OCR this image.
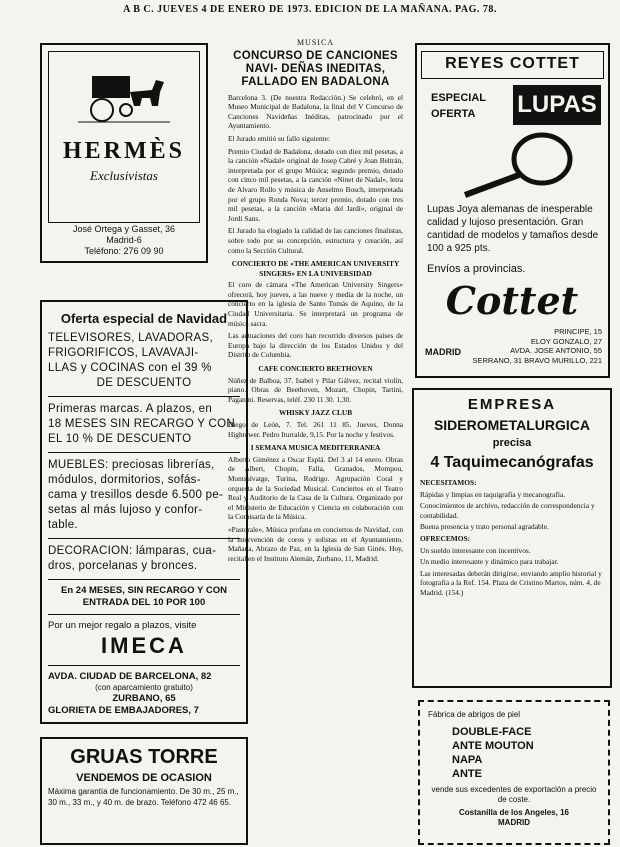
A B C. JUEVES 4 DE ENERO DE 1973. EDICION DE LA MAÑANA. PAG. 78.
HERMÈS
Exclusivistas
José Ortega y Gasset, 36
Madrid-6
Teléfono: 276 09 90

Oferta especial de Navidad

TELEVISORES, LAVADORAS,

FRIGORIFICOS, LAVAVAJI-

LLAS y COCINAS con el 39 %

DE DESCUENTO

Primeras marcas. A plazos, en

18 MESES SIN RECARGO Y CON

EL 10 % DE DESCUENTO

MUEBLES: preciosas librerías,

módulos, dormitorios, sofás-

cama y tresillos desde 6.500 pe-

setas al más lujoso y confor-

table.

DECORACION: lámparas, cua-

dros, porcelanas y bronces.

En 24 MESES, SIN RECARGO Y CON

ENTRADA DEL 10 POR 100

Por un mejor regalo a plazos, visite

IMECA

AVDA. CIUDAD DE BARCELONA, 82

(con aparcamiento gratuito)

ZURBANO, 65

GLORIETA DE EMBAJADORES, 7

GRUAS TORRE

VENDEMOS DE OCASION

Máxima garantía de funcionamiento. De 30 m., 25 m., 30 m., 33 m., y 40 m. de brazo. Teléfono 472 46 65.

MUSICA
CONCURSO DE CANCIONES NAVI- DEÑAS INEDITAS, FALLADO EN BADALONA

Barcelona 3. (De nuestra Redacción.) Se celebró, en el Museo Municipal de Badalona, la final del V Concurso de Canciones Navideñas Inéditas, patrocinado por el Ayuntamiento.

El Jurado emitió su fallo siguiente:

Premio Ciudad de Badalona, dotado con diez mil pesetas, a la canción «Nadal» original de Josep Cabré y Joan Beltrán, interpretada por el grupo Música; segundo premio, dotado con cinco mil pesetas, a la canción «Ninet de Nadal», letra de Alvaro Rollo y música de Anselmo Bosch, interpretada por el grupo Ronda Nova; tercer premio, dotado con tres mil pesetas, a la canción «Maria del Jardí», original de Jordi Sans.

El Jurado ha elogiado la calidad de las canciones finalistas, sobre todo por su concepción, estructura y creación, así como la Sección Cultural.

CONCIERTO DE «THE AMERICAN UNIVERSITY SINGERS» EN LA UNIVERSIDAD

El coro de cámara «The American University Singers» ofrecerá, hoy jueves, a las nueve y media de la noche, un concierto en la iglesia de Santo Tomás de Aquino, de la Ciudad Universitaria. Se interpretará un programa de música sacra.

Las actuaciones del coro han recorrido diversos países de Europa bajo la dirección de los Estados Unidos y del Distrito de Columbia.

CAFE CONCIERTO BEETHOVEN

Núñez de Balboa, 37. Isabel y Pilar Gálvez, recital violín, piano. Obras de Beethoven, Mozart, Chopin, Tartini, Paganini. Reservas, teléf. 230 11 30. 1,30.

WHISKY JAZZ CLUB

Diego de León, 7. Tel. 261 11 85. Jueves, Donna Hightower. Pedro Iturralde, 9,15. Por la noche y festivos.

I SEMANA MUSICA MEDITERRANEA

Alberto Giménez a Oscar Esplá. Del 3 al 14 enero. Obras de Albert, Chopin, Falla, Granados, Mompou, Montsalvatge, Turina, Rodrigo. Agrupación Coral y orquesta de la Sociedad Musical. Conciertos en el Teatro Real y Auditorio de la Casa de la Cultura. Organizado por el Ministerio de Educación y Ciencia en colaboración con la Comisaría de la Música.

«Pastorale», Música profana en conciertos de Navidad, con la intervención de coros y solistas en el Ayuntamiento. Mañana, Abrazo de Paz, en la Iglesia de San Ginés. Hoy, recital en el Instituto Alemán, Zurbano, 11, Madrid.

REYES COTTET
ESPECIAL
OFERTA LUPAS
Lupas Joya alemanas de inesperable calidad y lujoso presentación. Gran cantidad de modelos y tamaños desde 100 a 925 pts.
Envíos a provincias.
Cottet
MADRID
PRINCIPE, 15
ELOY GONZALO, 27
AVDA. JOSE ANTONIO, 55
SERRANO, 31 BRAVO MURILLO, 221

EMPRESA

SIDEROMETALURGICA

precisa

4 Taquimecanógrafas

NECESITAMOS:

Rápidas y limpias en taquigrafía y mecanografía.

Conocimientos de archivo, redacción de correspondencia y contabilidad.

Buena presencia y trato personal agradable.

OFRECEMOS:

Un sueldo interesante con incentivos.

Un medio interesante y dinámico para trabajar.

Las interesadas deberán dirigirse, enviando amplio historial y fotografía a la Ref. 154. Plaza de Cristino Martos, núm. 4, de Madrid. (154.)

Fábrica de abrigos de piel

DOUBLE-FACE

ANTE MOUTON

NAPA

ANTE

vende sus excedentes de exportación a precio de coste.

Costanilla de los Angeles, 16

MADRID
